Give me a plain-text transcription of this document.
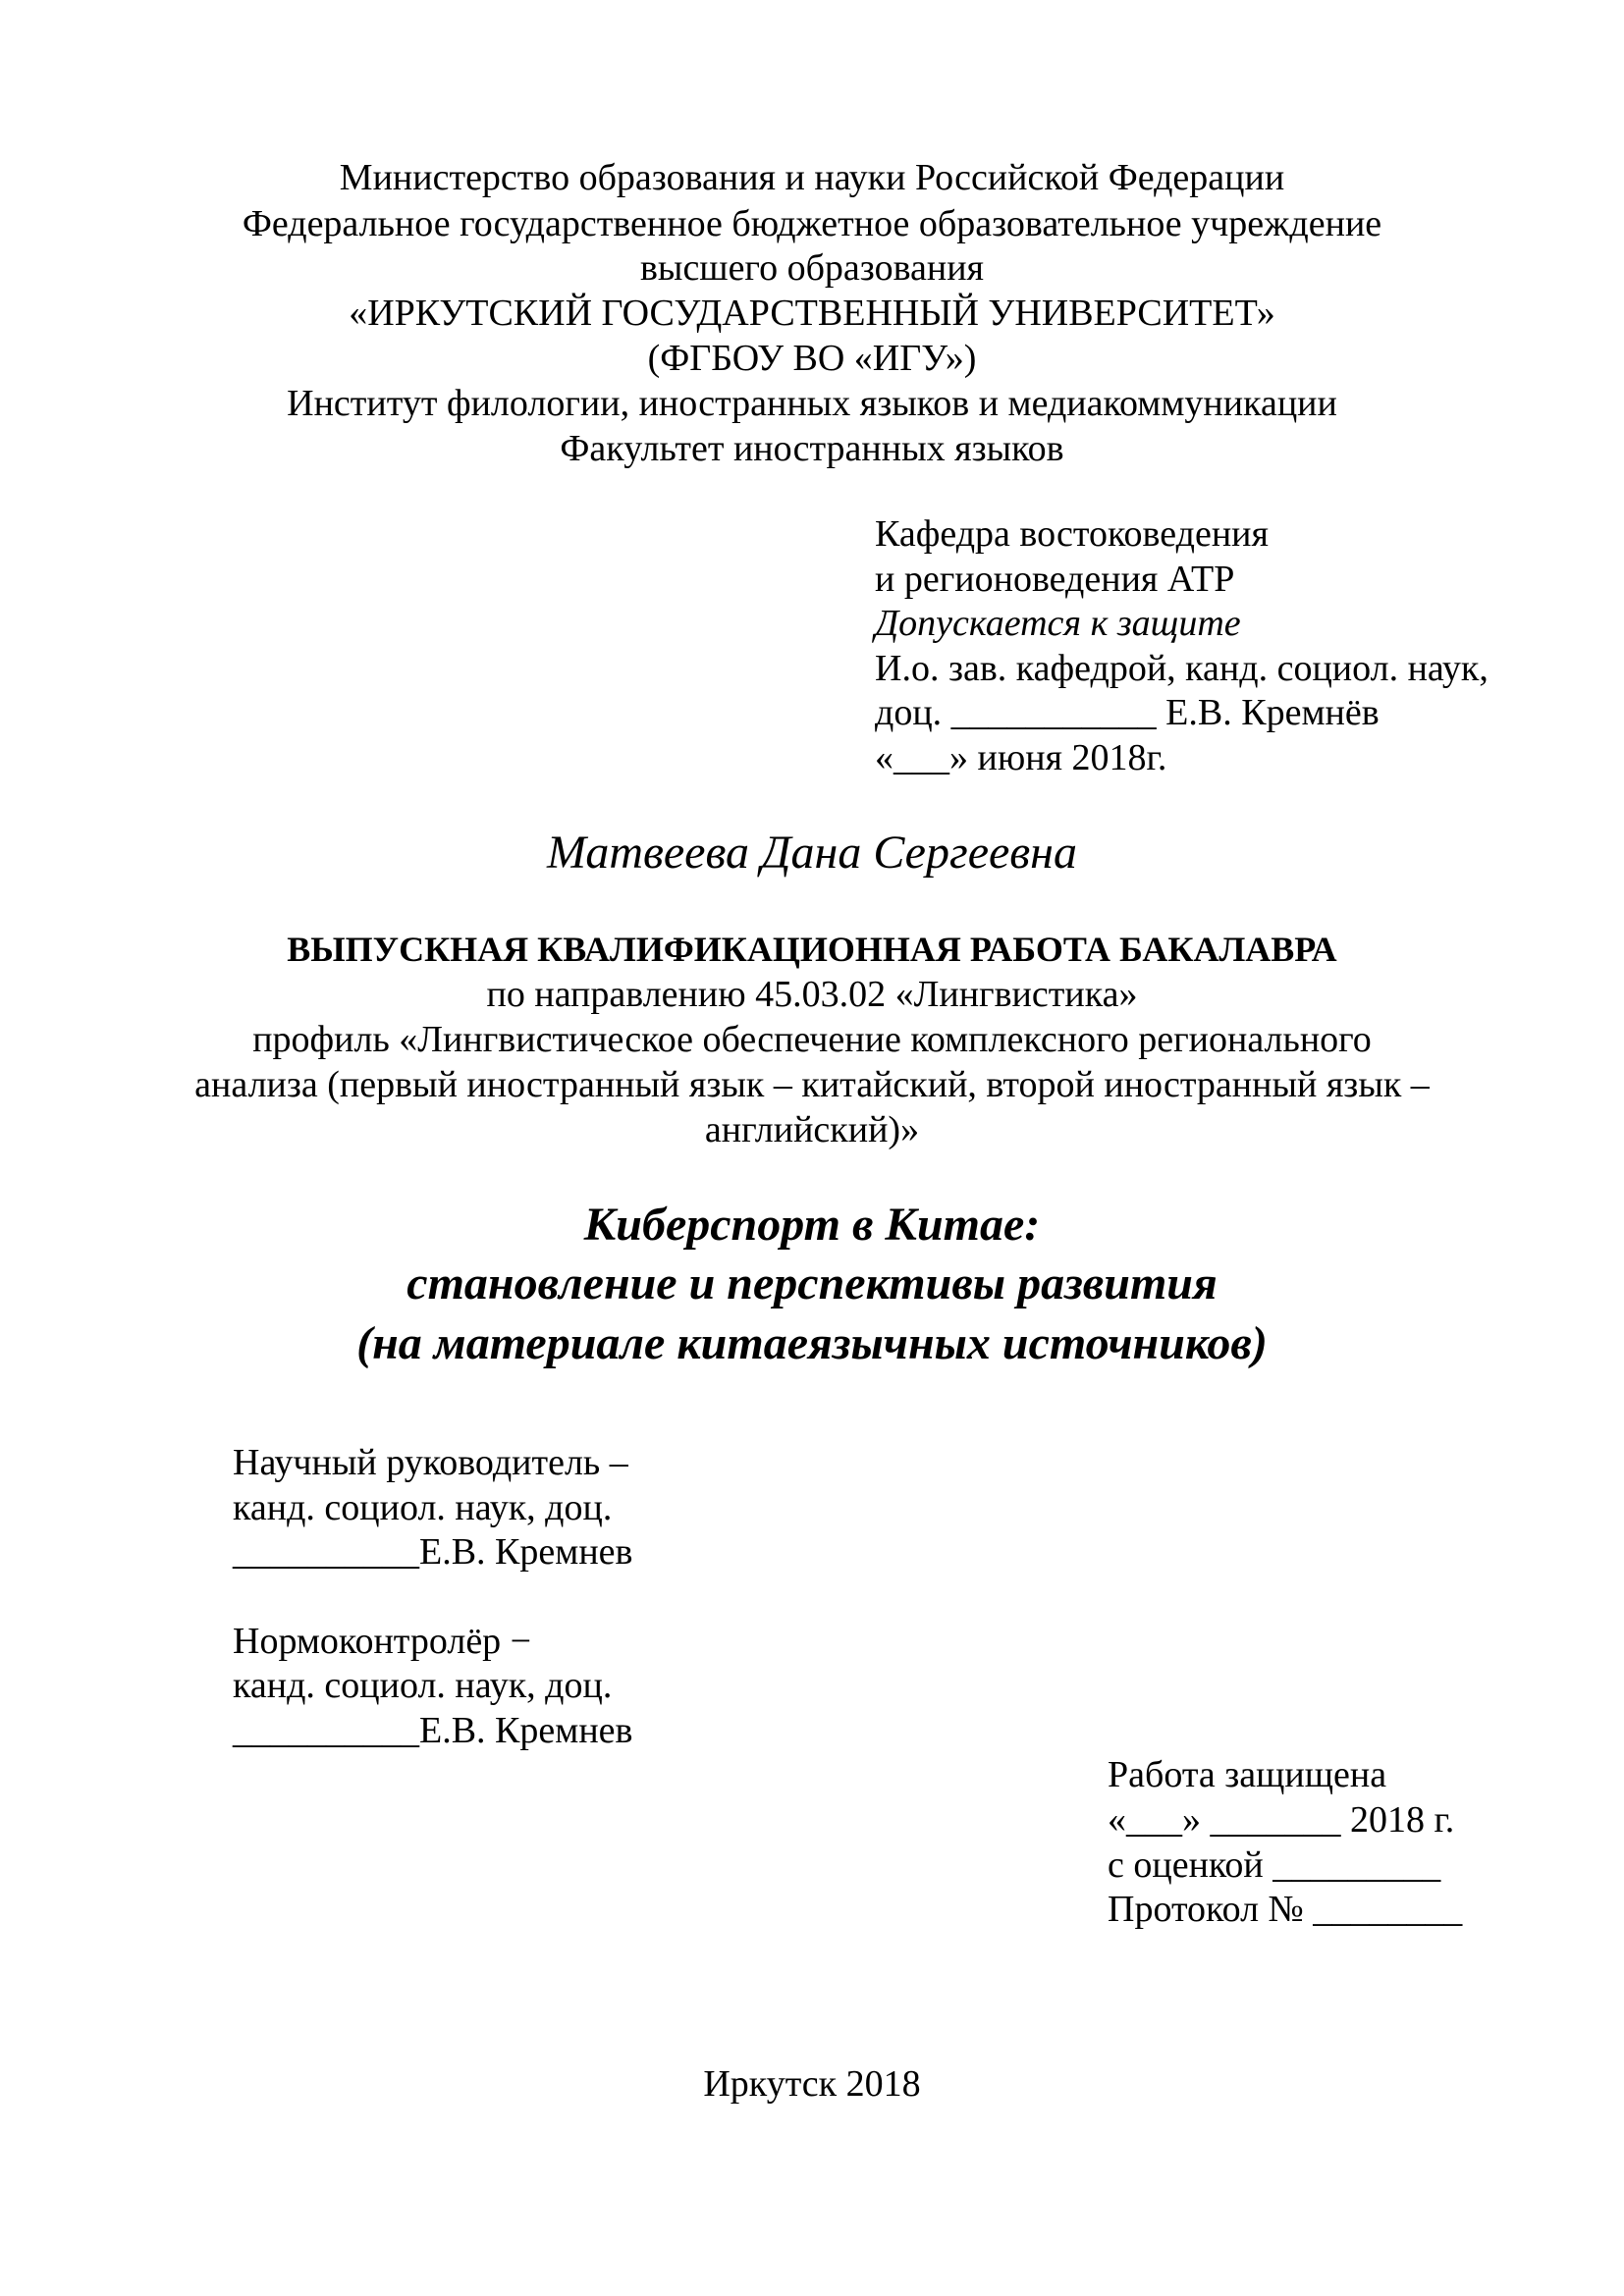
Министерство образования и науки Российской Федерации
Федеральное государственное бюджетное образовательное учреждение
высшего образования
«ИРКУТСКИЙ ГОСУДАРСТВЕННЫЙ УНИВЕРСИТЕТ»
(ФГБОУ ВО «ИГУ»)
Институт филологии, иностранных языков и медиакоммуникации
Факультет иностранных языков
Кафедра востоковедения
и регионоведения АТР
Допускается к защите
И.о. зав. кафедрой, канд. социол. наук,
доц. ___________ Е.В. Кремнёв
«___» июня 2018г.
Матвеева Дана Сергеевна
ВЫПУСКНАЯ КВАЛИФИКАЦИОННАЯ РАБОТА БАКАЛАВРА
по направлению 45.03.02 «Лингвистика»
профиль «Лингвистическое обеспечение комплексного регионального
анализа (первый иностранный язык – китайский, второй иностранный язык –
английский)»
Киберспорт в Китае:
становление и перспективы развития
(на материале китаеязычных источников)
Научный руководитель –
канд. социол. наук, доц.
__________Е.В. Кремнев
Нормоконтролёр −
канд. социол. наук, доц.
__________Е.В. Кремнев
Работа защищена
«___» _______ 2018 г.
с оценкой _________
Протокол № ________
Иркутск 2018
